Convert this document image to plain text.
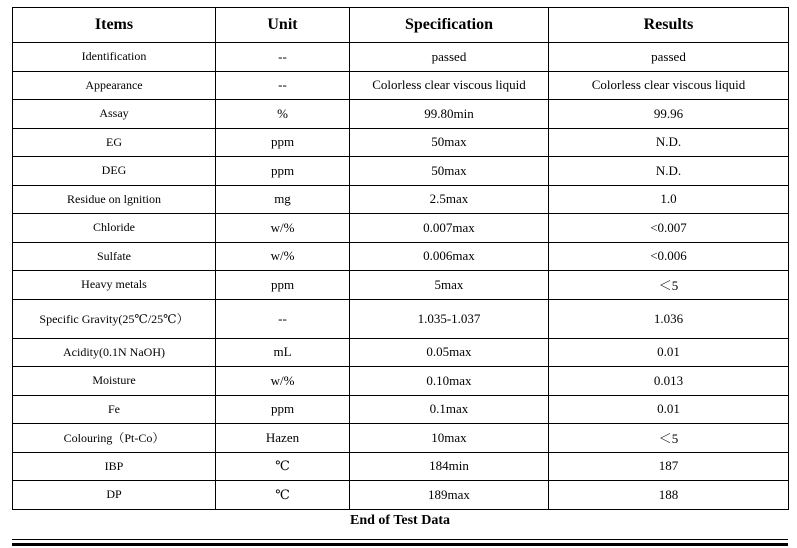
Items	Unit	Specification	Results
Identification	--	passed	passed
Appearance	--	Colorless clear viscous liquid	Colorless clear viscous liquid
Assay	%	99.80min	99.96
EG	ppm	50max	N.D.
DEG	ppm	50max	N.D.
Residue on lgnition	mg	2.5max	1.0
Chloride	w/%	0.007max	<0.007
Sulfate	w/%	0.006max	<0.006
Heavy metals	ppm	5max	＜5
Specific Gravity(25℃/25℃）	--	1.035-1.037	1.036
Acidity(0.1N NaOH)	mL	0.05max	0.01
Moisture	w/%	0.10max	0.013
Fe	ppm	0.1max	0.01
Colouring（Pt-Co）	Hazen	10max	＜5
IBP	℃	184min	187
DP	℃	189max	188
End of Test Data
